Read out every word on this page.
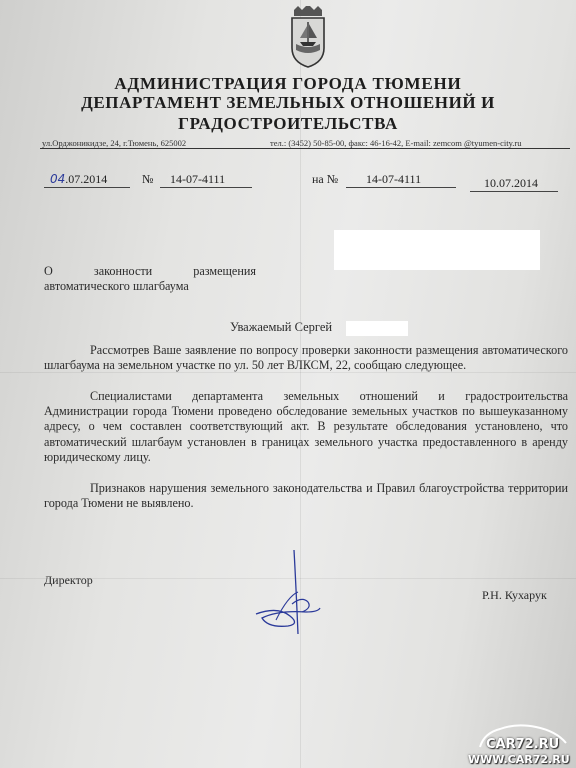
АДМИНИСТРАЦИЯ ГОРОДА ТЮМЕНИ
ДЕПАРТАМЕНТ ЗЕМЕЛЬНЫХ ОТНОШЕНИЙ И
ГРАДОСТРОИТЕЛЬСТВА
ул.Орджоникидзе, 24, г.Тюмень, 625002	тел.: (3452) 50-85-00, факс: 46-16-42, E-mail: zemcom @tyumen-city.ru
04.07.2014	№ 14-07-4111	на № 14-07-4111	10.07.2014
О законности размещения
автоматического шлагбаума
Уважаемый Сергей
Рассмотрев Ваше заявление по вопросу проверки законности размещения автоматического шлагбаума на земельном участке по ул. 50 лет ВЛКСМ, 22, сообщаю следующее.
Специалистами департамента земельных отношений и градостроительства Администрации города Тюмени проведено обследование земельных участков по вышеуказанному адресу, о чем составлен соответствующий акт. В результате обследования установлено, что автоматический шлагбаум установлен в границах земельного участка предоставленного в аренду юридическому лицу.
Признаков нарушения земельного законодательства и Правил благоустройства территории города Тюмени не выявлено.
Директор
Р.Н. Кухарук
CAR72.RU
WWW.CAR72.RU
